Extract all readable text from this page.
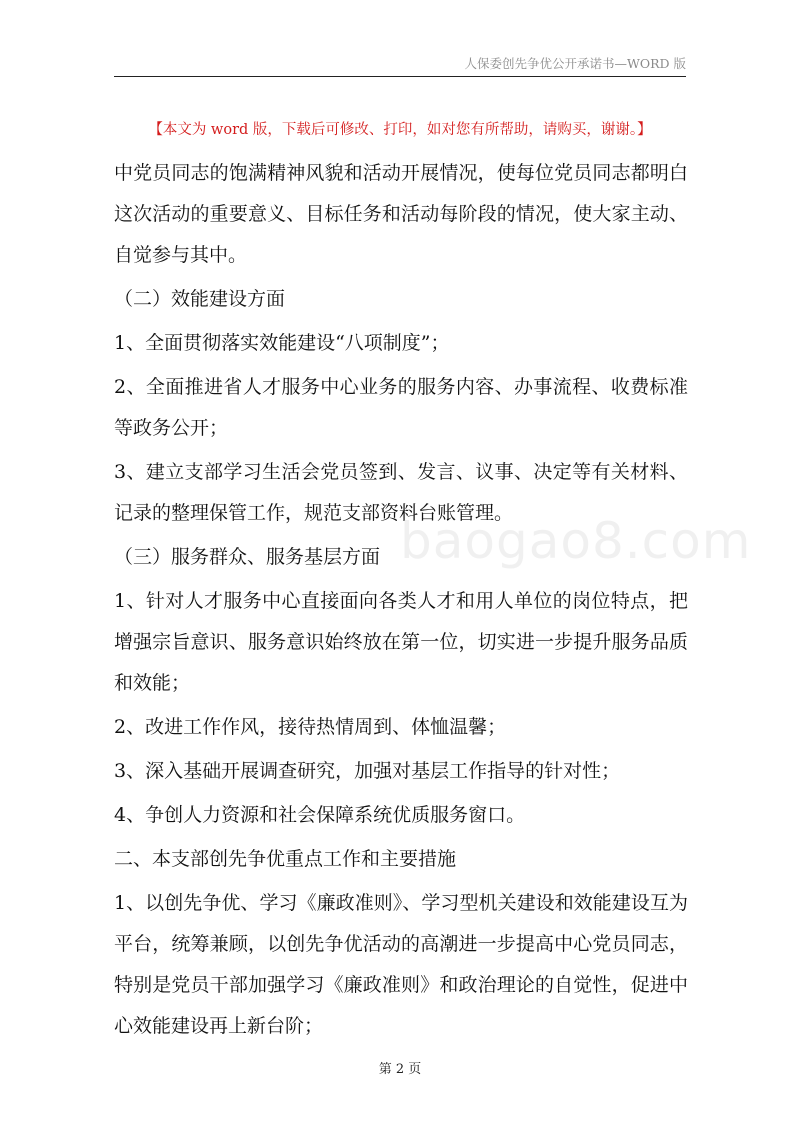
人保委创先争优公开承诺书—WORD 版
【本文为 word 版，下载后可修改、打印，如对您有所帮助，请购买，谢谢。】
baogao8.com

中党员同志的饱满精神风貌和活动开展情况，使每位党员同志都明白这次活动的重要意义、目标任务和活动每阶段的情况，使大家主动、自觉参与其中。

（二）效能建设方面

1、全面贯彻落实效能建设“八项制度”；

2、全面推进省人才服务中心业务的服务内容、办事流程、收费标准等政务公开；

3、建立支部学习生活会党员签到、发言、议事、决定等有关材料、记录的整理保管工作，规范支部资料台账管理。

（三）服务群众、服务基层方面

1、针对人才服务中心直接面向各类人才和用人单位的岗位特点，把增强宗旨意识、服务意识始终放在第一位，切实进一步提升服务品质和效能；

2、改进工作作风，接待热情周到、体恤温馨；

3、深入基础开展调查研究，加强对基层工作指导的针对性；

4、争创人力资源和社会保障系统优质服务窗口。

二、本支部创先争优重点工作和主要措施

1、以创先争优、学习《廉政准则》、学习型机关建设和效能建设互为平台，统筹兼顾，以创先争优活动的高潮进一步提高中心党员同志，特别是党员干部加强学习《廉政准则》和政治理论的自觉性，促进中心效能建设再上新台阶；

第 2 页
